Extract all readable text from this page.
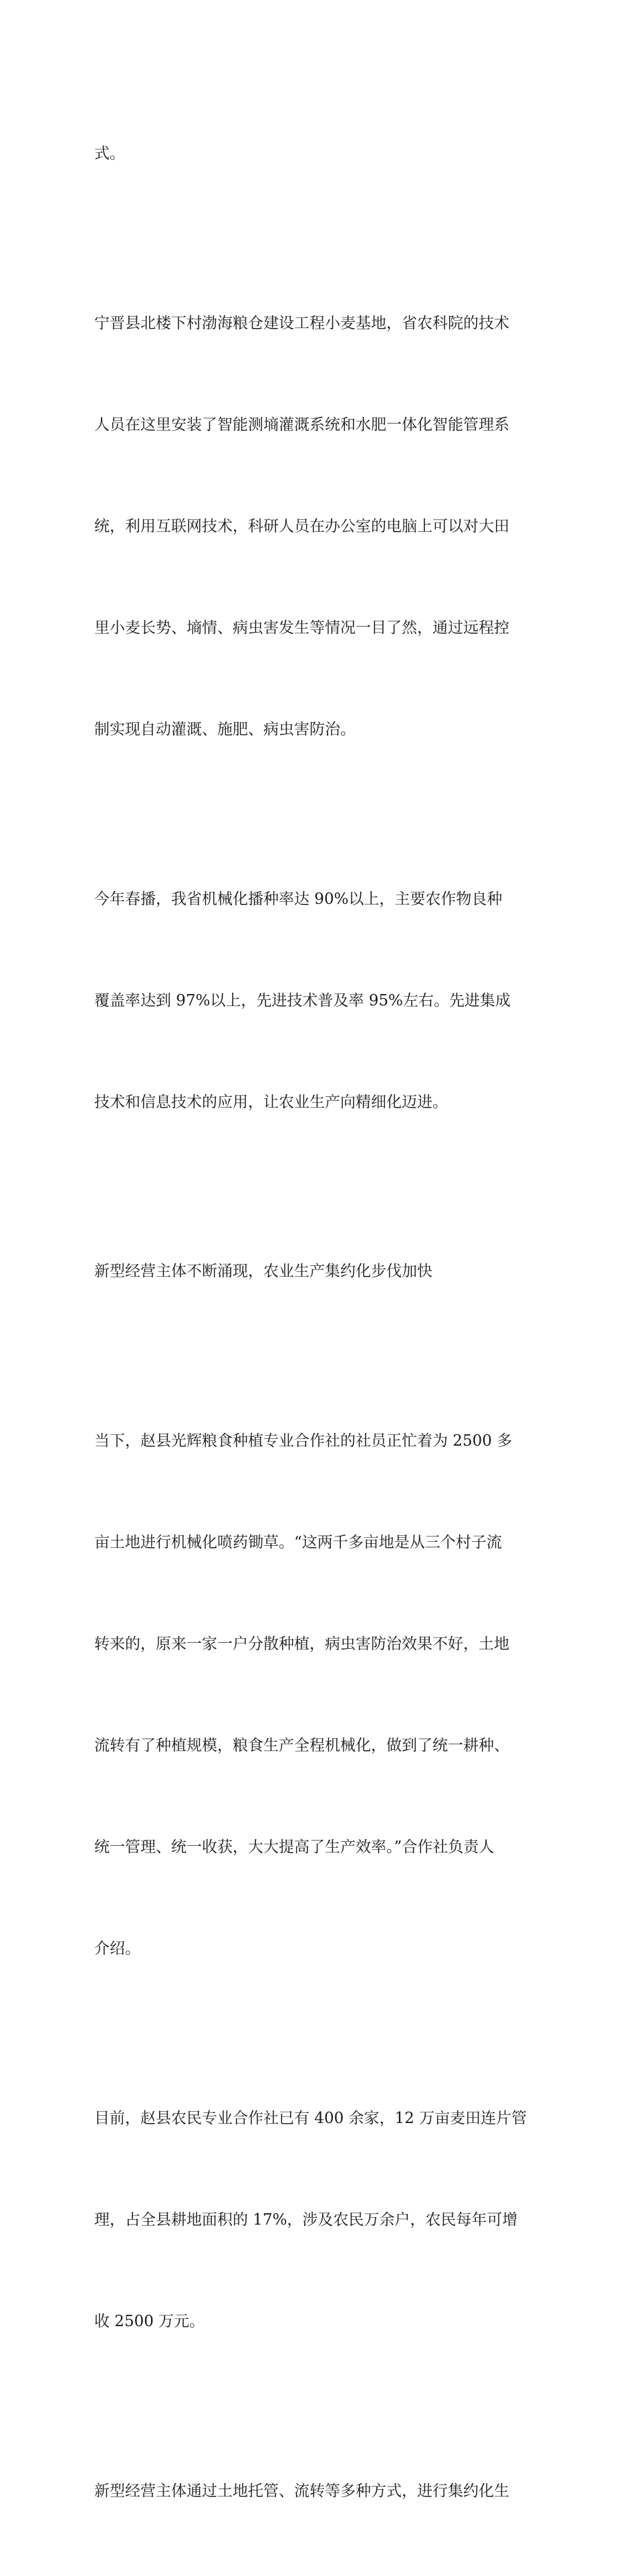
式。

宁晋县北楼下村渤海粮仓建设工程小麦基地，省农科院的技术

人员在这里安装了智能测墒灌溉系统和水肥一体化智能管理系

统，利用互联网技术，科研人员在办公室的电脑上可以对大田

里小麦长势、墒情、病虫害发生等情况一目了然，通过远程控

制实现自动灌溉、施肥、病虫害防治。

今年春播，我省机械化播种率达 90%以上，主要农作物良种

覆盖率达到 97%以上，先进技术普及率 95%左右。先进集成

技术和信息技术的应用，让农业生产向精细化迈进。

新型经营主体不断涌现，农业生产集约化步伐加快

当下，赵县光辉粮食种植专业合作社的社员正忙着为 2500 多

亩土地进行机械化喷药锄草。“这两千多亩地是从三个村子流

转来的，原来一家一户分散种植，病虫害防治效果不好，土地

流转有了种植规模，粮食生产全程机械化，做到了统一耕种、

统一管理、统一收获，大大提高了生产效率。”合作社负责人

介绍。

目前，赵县农民专业合作社已有 400 余家，12 万亩麦田连片管

理，占全县耕地面积的 17%，涉及农民万余户，农民每年可增

收 2500 万元。

新型经营主体通过土地托管、流转等多种方式，进行集约化生
